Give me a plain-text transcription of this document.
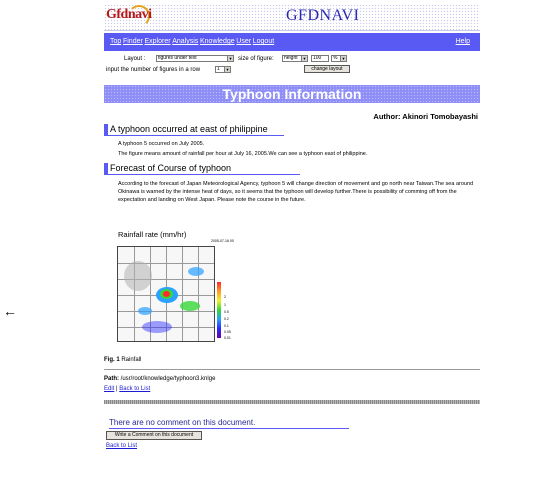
Gfdnavi	GFDNAVI
Top Finder Explorer Analysis Knowledge User Logout	Help
Layout :	figures under text	▼ size of figure:	height	▼	100	%	▼
input the number of figures in a row	1	▼	change layout
Typhoon Information
Author: Akinori Tomobayashi
A typhoon occurred at east of philippine
A typhoon 5 occurred on July 2005.
The figure means amount of rainfall per hour at July 16, 2005.We can see a typhoon east of philippine.
Forecast of Course of typhoon
According to the forecast of Japan Meteorological Agency, typhoon 5 will change direction of movement and go north near Taiwan.The sea around Okinawa is warned by the intense heat of days, so it seems that the typhoon will develop further.There is possibility of comming off from the expectation and landing on West Japan. Please note the course in the future.
Rainfall rate (mm/hr)
2
1
0.5
0.2
0.1
0.05
0.01
2005-07-16 00
←
Fig. 1 Rainfall
Path: /usr/root/knowledge/typhoon3.knlge
Edit | Back to List
There are no comment on this document.
Write a Comment on this document
Back to List
